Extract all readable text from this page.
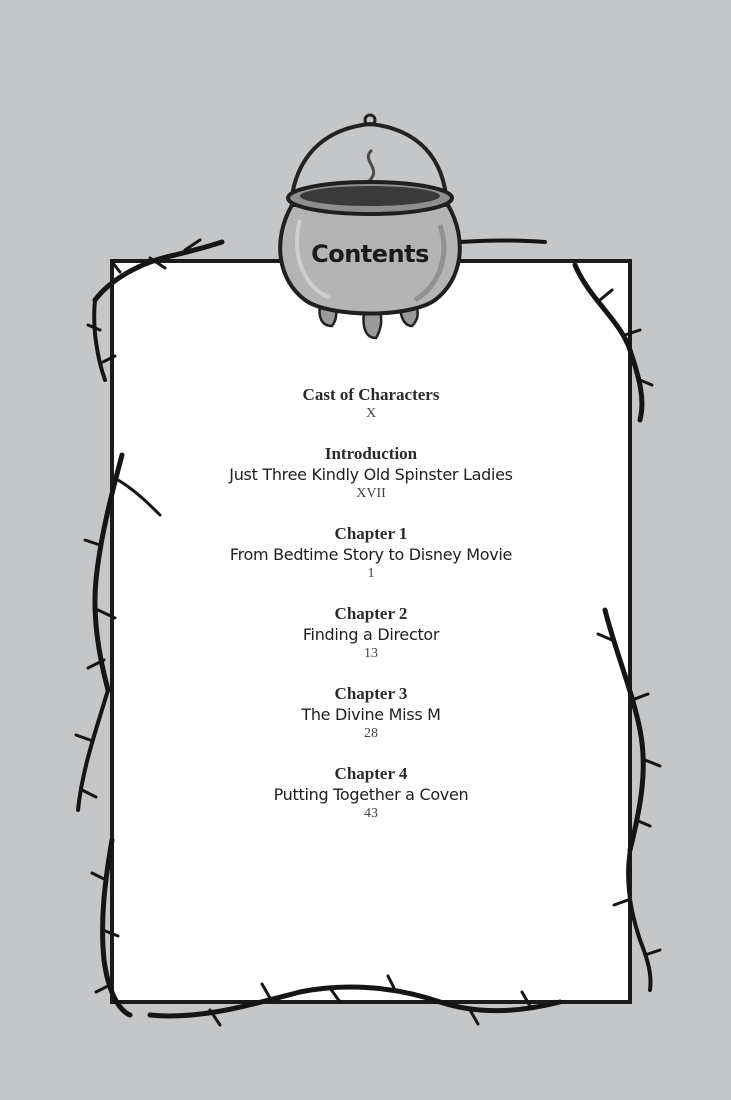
Contents
Cast of Characters
X
Introduction
Just Three Kindly Old Spinster Ladies
XVII
Chapter 1
From Bedtime Story to Disney Movie
1
Chapter 2
Finding a Director
13
Chapter 3
The Divine Miss M
28
Chapter 4
Putting Together a Coven
43
